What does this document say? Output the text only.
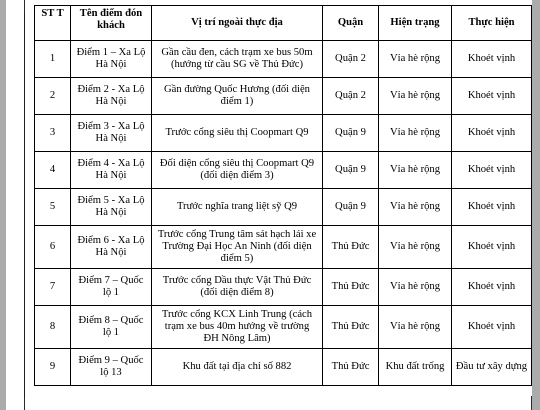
ST T	Tên điểm đón khách	Vị trí ngoài thực địa	Quận	Hiện trạng	Thực hiện
1	Điểm 1 – Xa Lộ Hà Nội	Gần cầu đen, cách trạm xe bus 50m (hướng từ cầu SG về Thủ Đức)	Quận 2	Vỉa hè rộng	Khoét vịnh
2	Điểm 2 - Xa Lộ Hà Nội	Gần đường Quốc Hương (đối diện điểm 1)	Quận 2	Vỉa hè rộng	Khoét vịnh
3	Điểm 3 - Xa Lộ Hà Nội	Trước cổng siêu thị Coopmart Q9	Quận 9	Vỉa hè rộng	Khoét vịnh
4	Điểm 4 - Xa Lộ Hà Nội	Đối diện cổng siêu thị Coopmart Q9 (đối diện điểm 3)	Quận 9	Vỉa hè rộng	Khoét vịnh
5	Điểm 5 - Xa Lộ Hà Nội	Trước nghĩa trang liệt sỹ Q9	Quận 9	Vỉa hè rộng	Khoét vịnh
6	Điểm 6 - Xa Lộ Hà Nội	Trước cổng Trung tâm sát hạch lái xe Trường Đại Học An Ninh (đối diện điểm 5)	Thủ Đức	Vỉa hè rộng	Khoét vịnh
7	Điểm 7 – Quốc lộ 1	Trước cổng Dầu thực Vật Thủ Đức (đối diện điểm 8)	Thủ Đức	Vỉa hè rộng	Khoét vịnh
8	Điểm 8 – Quốc lộ 1	Trước cổng KCX Linh Trung (cách trạm xe bus 40m hướng về trường ĐH Nông Lâm)	Thủ Đức	Vỉa hè rộng	Khoét vịnh
9	Điểm 9 – Quốc lộ 13	Khu đất tại địa chỉ số 882	Thủ Đức	Khu đất trống	Đầu tư xây dựng
